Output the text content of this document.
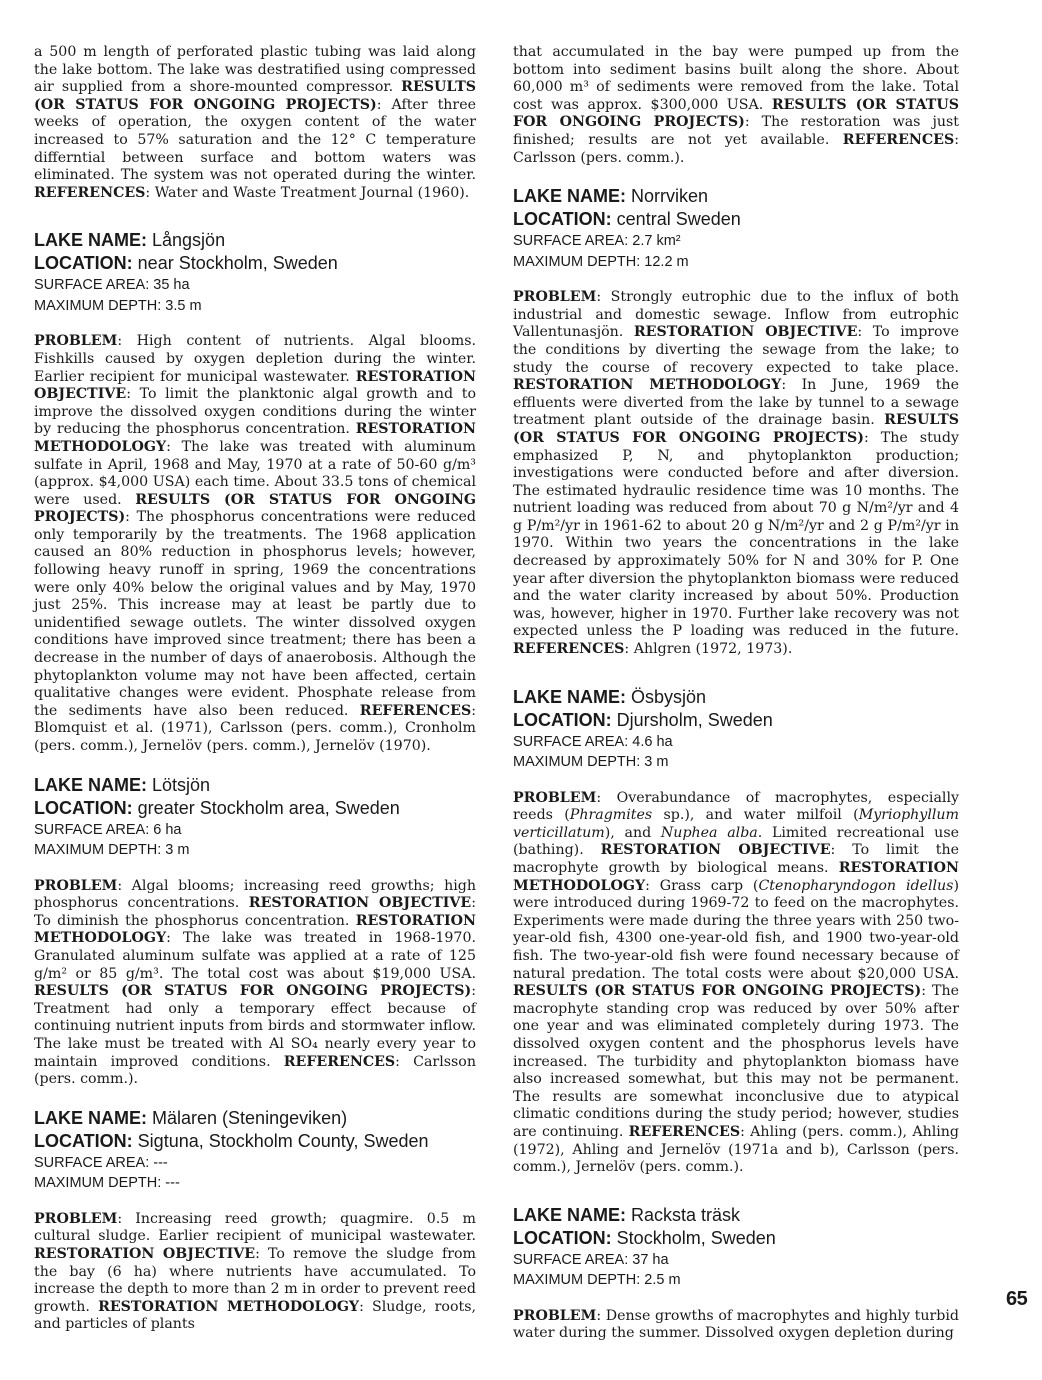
a 500 m length of perforated plastic tubing was laid along the lake bottom. The lake was destratified using compressed air supplied from a shore-mounted compressor. RESULTS (OR STATUS FOR ONGOING PROJECTS): After three weeks of operation, the oxygen content of the water increased to 57% saturation and the 12° C temperature differntial between surface and bottom waters was eliminated. The system was not operated during the winter. REFERENCES: Water and Waste Treatment Journal (1960).

LAKE NAME: Långsjön

LOCATION: near Stockholm, Sweden

SURFACE AREA: 35 ha

MAXIMUM DEPTH: 3.5 m

PROBLEM: High content of nutrients. Algal blooms. Fishkills caused by oxygen depletion during the winter. Earlier recipient for municipal wastewater. RESTORATION OBJECTIVE: To limit the planktonic algal growth and to improve the dissolved oxygen conditions during the winter by reducing the phosphorus concentration. RESTORATION METHODOLOGY: The lake was treated with aluminum sulfate in April, 1968 and May, 1970 at a rate of 50-60 g/m³ (approx. $4,000 USA) each time. About 33.5 tons of chemical were used. RESULTS (OR STATUS FOR ONGOING PROJECTS): The phosphorus concentrations were reduced only temporarily by the treatments. The 1968 application caused an 80% reduction in phosphorus levels; however, following heavy runoff in spring, 1969 the concentrations were only 40% below the original values and by May, 1970 just 25%. This increase may at least be partly due to unidentified sewage outlets. The winter dissolved oxygen conditions have improved since treatment; there has been a decrease in the number of days of anaerobosis. Although the phytoplankton volume may not have been affected, certain qualitative changes were evident. Phosphate release from the sediments have also been reduced. REFERENCES: Blomquist et al. (1971), Carlsson (pers. comm.), Cronholm (pers. comm.), Jernelöv (pers. comm.), Jernelöv (1970).

LAKE NAME: Lötsjön

LOCATION: greater Stockholm area, Sweden

SURFACE AREA: 6 ha

MAXIMUM DEPTH: 3 m

PROBLEM: Algal blooms; increasing reed growths; high phosphorus concentrations. RESTORATION OBJECTIVE: To diminish the phosphorus concentration. RESTORATION METHODOLOGY: The lake was treated in 1968-1970. Granulated aluminum sulfate was applied at a rate of 125 g/m² or 85 g/m³. The total cost was about $19,000 USA. RESULTS (OR STATUS FOR ONGOING PROJECTS): Treatment had only a temporary effect because of continuing nutrient inputs from birds and stormwater inflow. The lake must be treated with Al SO₄ nearly every year to maintain improved conditions. REFERENCES: Carlsson (pers. comm.).

LAKE NAME: Mälaren (Steningeviken)

LOCATION: Sigtuna, Stockholm County, Sweden

SURFACE AREA: ---

MAXIMUM DEPTH: ---

PROBLEM: Increasing reed growth; quagmire. 0.5 m cultural sludge. Earlier recipient of municipal wastewater. RESTORATION OBJECTIVE: To remove the sludge from the bay (6 ha) where nutrients have accumulated. To increase the depth to more than 2 m in order to prevent reed growth. RESTORATION METHODOLOGY: Sludge, roots, and particles of plants

that accumulated in the bay were pumped up from the bottom into sediment basins built along the shore. About 60,000 m³ of sediments were removed from the lake. Total cost was approx. $300,000 USA. RESULTS (OR STATUS FOR ONGOING PROJECTS): The restoration was just finished; results are not yet available. REFERENCES: Carlsson (pers. comm.).

LAKE NAME: Norrviken

LOCATION: central Sweden

SURFACE AREA: 2.7 km²

MAXIMUM DEPTH: 12.2 m

PROBLEM: Strongly eutrophic due to the influx of both industrial and domestic sewage. Inflow from eutrophic Vallentunasjön. RESTORATION OBJECTIVE: To improve the conditions by diverting the sewage from the lake; to study the course of recovery expected to take place. RESTORATION METHODOLOGY: In June, 1969 the effluents were diverted from the lake by tunnel to a sewage treatment plant outside of the drainage basin. RESULTS (OR STATUS FOR ONGOING PROJECTS): The study emphasized P, N, and phytoplankton production; investigations were conducted before and after diversion. The estimated hydraulic residence time was 10 months. The nutrient loading was reduced from about 70 g N/m²/yr and 4 g P/m²/yr in 1961-62 to about 20 g N/m²/yr and 2 g P/m²/yr in 1970. Within two years the concentrations in the lake decreased by approximately 50% for N and 30% for P. One year after diversion the phytoplankton biomass were reduced and the water clarity increased by about 50%. Production was, however, higher in 1970. Further lake recovery was not expected unless the P loading was reduced in the future. REFERENCES: Ahlgren (1972, 1973).

LAKE NAME: Ösbysjön

LOCATION: Djursholm, Sweden

SURFACE AREA: 4.6 ha

MAXIMUM DEPTH: 3 m

PROBLEM: Overabundance of macrophytes, especially reeds (Phragmites sp.), and water milfoil (Myriophyllum verticillatum), and Nuphea alba. Limited recreational use (bathing). RESTORATION OBJECTIVE: To limit the macrophyte growth by biological means. RESTORATION METHODOLOGY: Grass carp (Ctenopharyndogon idellus) were introduced during 1969-72 to feed on the macrophytes. Experiments were made during the three years with 250 two-year-old fish, 4300 one-year-old fish, and 1900 two-year-old fish. The two-year-old fish were found necessary because of natural predation. The total costs were about $20,000 USA. RESULTS (OR STATUS FOR ONGOING PROJECTS): The macrophyte standing crop was reduced by over 50% after one year and was eliminated completely during 1973. The dissolved oxygen content and the phosphorus levels have increased. The turbidity and phytoplankton biomass have also increased somewhat, but this may not be permanent. The results are somewhat inconclusive due to atypical climatic conditions during the study period; however, studies are continuing. REFERENCES: Ahling (pers. comm.), Ahling (1972), Ahling and Jernelöv (1971a and b), Carlsson (pers. comm.), Jernelöv (pers. comm.).

LAKE NAME: Racksta träsk

LOCATION: Stockholm, Sweden

SURFACE AREA: 37 ha

MAXIMUM DEPTH: 2.5 m

PROBLEM: Dense growths of macrophytes and highly turbid water during the summer. Dissolved oxygen depletion during

65
